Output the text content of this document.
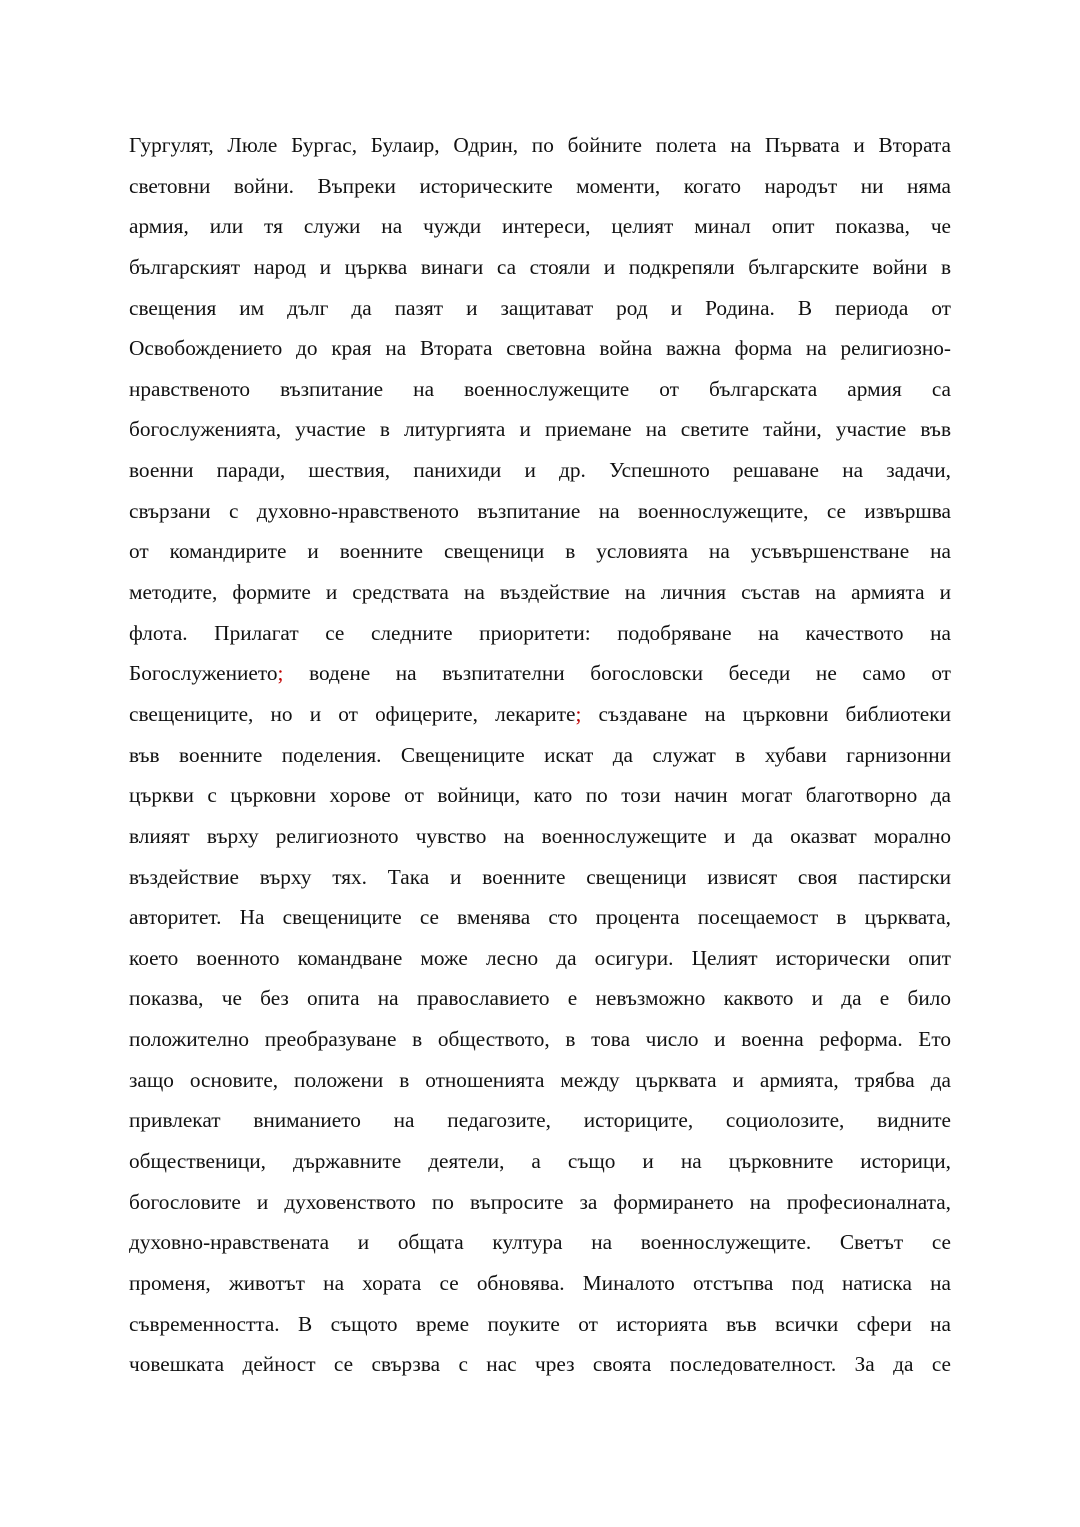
Гургулят, Люле Бургас, Булаир, Одрин, по бойните полета на Първата и Втората
световни войни. Въпреки историческите моменти, когато народът ни няма
армия, или тя служи на чужди интереси, целият минал опит показва, че
българският народ и църква винаги са стояли и подкрепяли българските войни в
свещения им дълг да пазят и защитават род и Родина. В периода от
Освобождението до края на Втората световна война важна форма на религиозно-
нравственото възпитание на военнослужещите от българската армия са
богослуженията, участие в литургията и приемане на светите тайни, участие във
военни паради, шествия, панихиди и др. Успешното решаване на задачи,
свързани с духовно-нравственото възпитание на военнослужещите, се извършва
от командирите и военните свещеници в условията на усъвършенстване на
методите, формите и средствата на въздействие на личния състав на армията и
флота. Прилагат се следните приоритети: подобряване на качеството на
Богослужението; водене на възпитателни богословски беседи не само от
свещениците, но и от офицерите, лекарите; създаване на църковни библиотеки
във военните поделения. Свещениците искат да служат в хубави гарнизонни
църкви с църковни хорове от войници, като по този начин могат благотворно да
влияят върху религиозното чувство на военнослужещите и да оказват морално
въздействие върху тях. Така и военните свещеници извисят своя пастирски
авторитет. На свещениците се вменява сто процента посещаемост в църквата,
което военното командване може лесно да осигури. Целият исторически опит
показва, че без опита на православието е невъзможно каквото и да е било
положително преобразуване в обществото, в това число и военна реформа. Ето
защо основите, положени в отношенията между църквата и армията, трябва да
привлекат вниманието на педагозите, историците, социолозите, видните
общественици, държавните деятели, а също и на църковните историци,
богословите и духовенството по въпросите за формирането на професионалната,
духовно-нравствената и общата култура на военнослужещите. Светът се
променя, животът на хората се обновява. Миналото отстъпва под натиска на
съвременността. В същото време поуките от историята във всички сфери на
човешката дейност се свързва с нас чрез своята последователност. За да се
